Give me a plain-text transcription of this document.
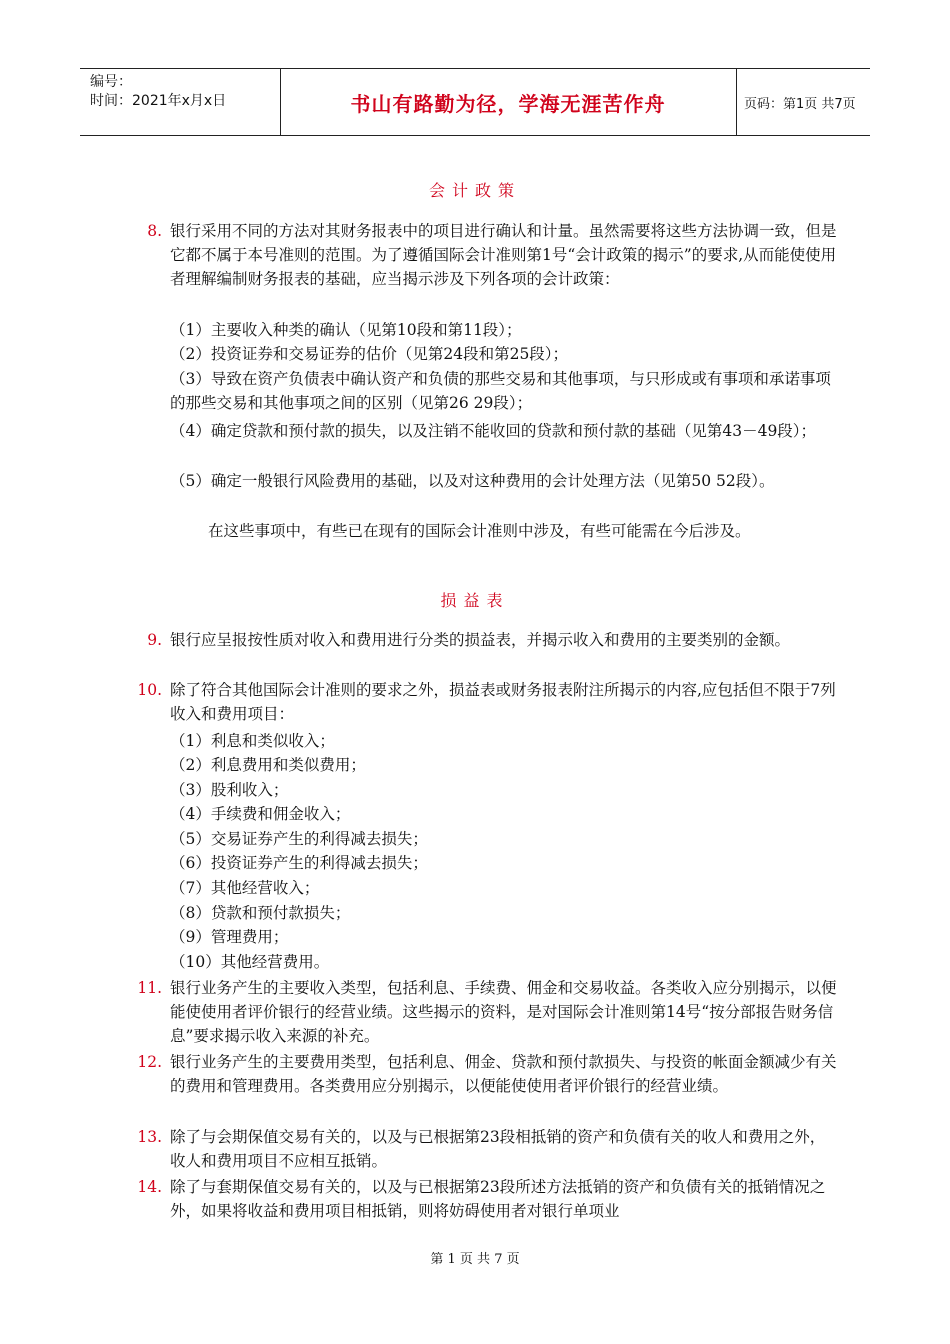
编号：
时间：2021年x月x日	书山有路勤为径，学海无涯苦作舟	页码：第1页 共7页
会计政策
8. 银行采用不同的方法对其财务报表中的项目进行确认和计量。虽然需要将这些方法协调一致，但是它都不属于本号准则的范围。为了遵循国际会计准则第1号“会计政策的揭示”的要求,从而能使使用者理解编制财务报表的基础，应当揭示涉及下列各项的会计政策：
（1）主要收入种类的确认（见第10段和第11段）；
（2）投资证券和交易证券的估价（见第24段和第25段）；
（3）导致在资产负债表中确认资产和负债的那些交易和其他事项，与只形成或有事项和承诺事项的那些交易和其他事项之间的区别（见第26 29段）；
（4）确定贷款和预付款的损失，以及注销不能收回的贷款和预付款的基础（见第43－49段）；
（5）确定一般银行风险费用的基础，以及对这种费用的会计处理方法（见第50 52段）。
在这些事项中，有些已在现有的国际会计准则中涉及，有些可能需在今后涉及。
损益表
9. 银行应呈报按性质对收入和费用进行分类的损益表，并揭示收入和费用的主要类别的金额。
10. 除了符合其他国际会计准则的要求之外，损益表或财务报表附注所揭示的内容,应包括但不限于7列收入和费用项目：
（1）利息和类似收入；
（2）利息费用和类似费用；
（3）股利收入；
（4）手续费和佣金收入；
（5）交易证券产生的利得减去损失；
（6）投资证券产生的利得减去损失；
（7）其他经营收入；
（8）贷款和预付款损失；
（9）管理费用；
（10）其他经营费用。
11. 银行业务产生的主要收入类型，包括利息、手续费、佣金和交易收益。各类收入应分别揭示，以便能使使用者评价银行的经营业绩。这些揭示的资料，是对国际会计准则第14号“按分部报告财务信息”要求揭示收入来源的补充。
12. 银行业务产生的主要费用类型，包括利息、佣金、贷款和预付款损失、与投资的帐面金额减少有关的费用和管理费用。各类费用应分别揭示，以便能使使用者评价银行的经营业绩。
13. 除了与会期保值交易有关的，以及与已根据第23段相抵销的资产和负债有关的收人和费用之外，收人和费用项目不应相互抵销。
14. 除了与套期保值交易有关的，以及与已根据第23段所述方法抵销的资产和负债有关的抵销情况之外，如果将收益和费用项目相抵销，则将妨碍使用者对银行单项业
第 1 页 共 7 页
